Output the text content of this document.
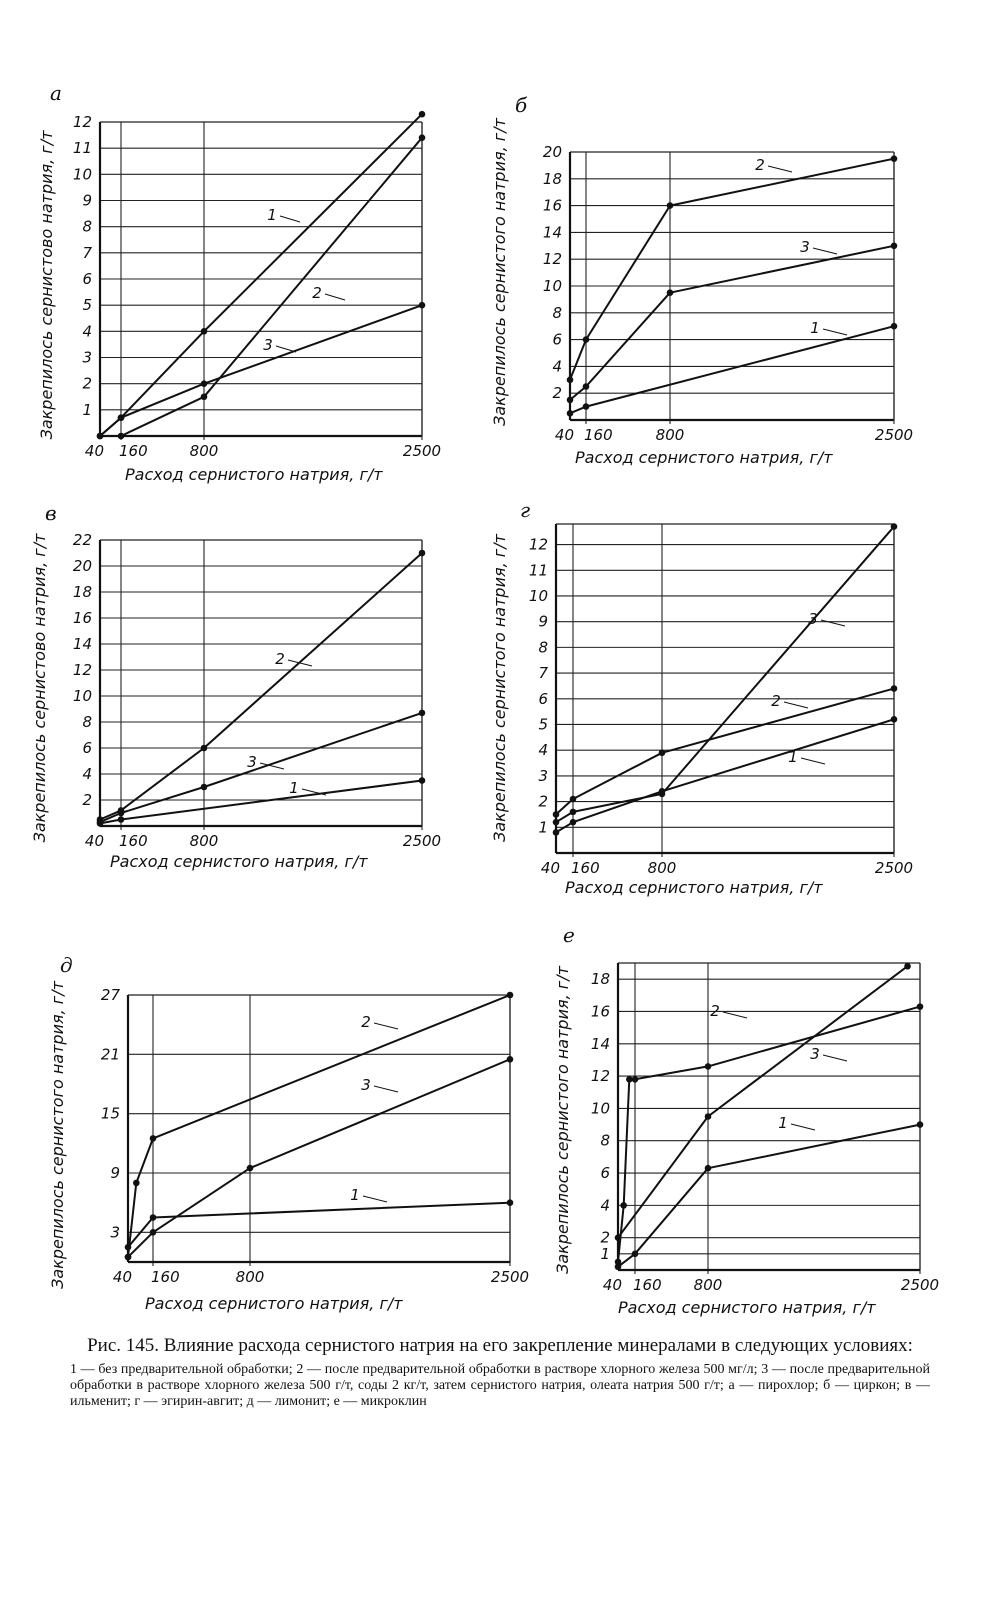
а
1
2
3
4
5
6
7
8
9
10
11
12
40 160	800	2500
Расход сернистого натрия, г/т
Закрепилось сернистово натрия, г/т	1
3
2
б
2
4
6
8
10
12
14
16
18
20
40 160	800	2500
Расход сернистого натрия, г/т
Закрепилось сернистого натрия, г/т	2
3
1
в
2
4
6
8
10
12
14
16
18
20
22
40 160	800	2500
Расход сернистого натрия, г/т
Закрепилось сернистово натрия, г/т	2
3
1
г
1
2
3
4
5
6
7
8
9
10
11
12
40 160	800	2500
Расход сернистого натрия, г/т
Закрепилось сернистого натрия, г/т	3
2
1
д
3
9
15
21
27
40 160	800	2500
Расход сернистого натрия, г/т
Закрепилось сернистого натрия, г/т	2
3
1
е
1
2
4
6
8
10
12
14
16
18
40 160 800	2500
Расход сернистого натрия, г/т
Закрепилось сернистого натрия, г/т	2
3
1

Рис. 145. Влияние расхода сернистого натрия на его закрепление минералами в следующих условиях:

1 — без предварительной обработки; 2 — после предварительной обработки в растворе хлорного железа 500 мг/л; 3 — после предварительной обработки в растворе хлорного железа 500 г/т, соды 2 кг/т, затем сернистого натрия, олеата натрия 500 г/т; а — пирохлор; б — циркон; в — ильменит; г — эгирин-авгит; д — лимонит; е — микроклин
